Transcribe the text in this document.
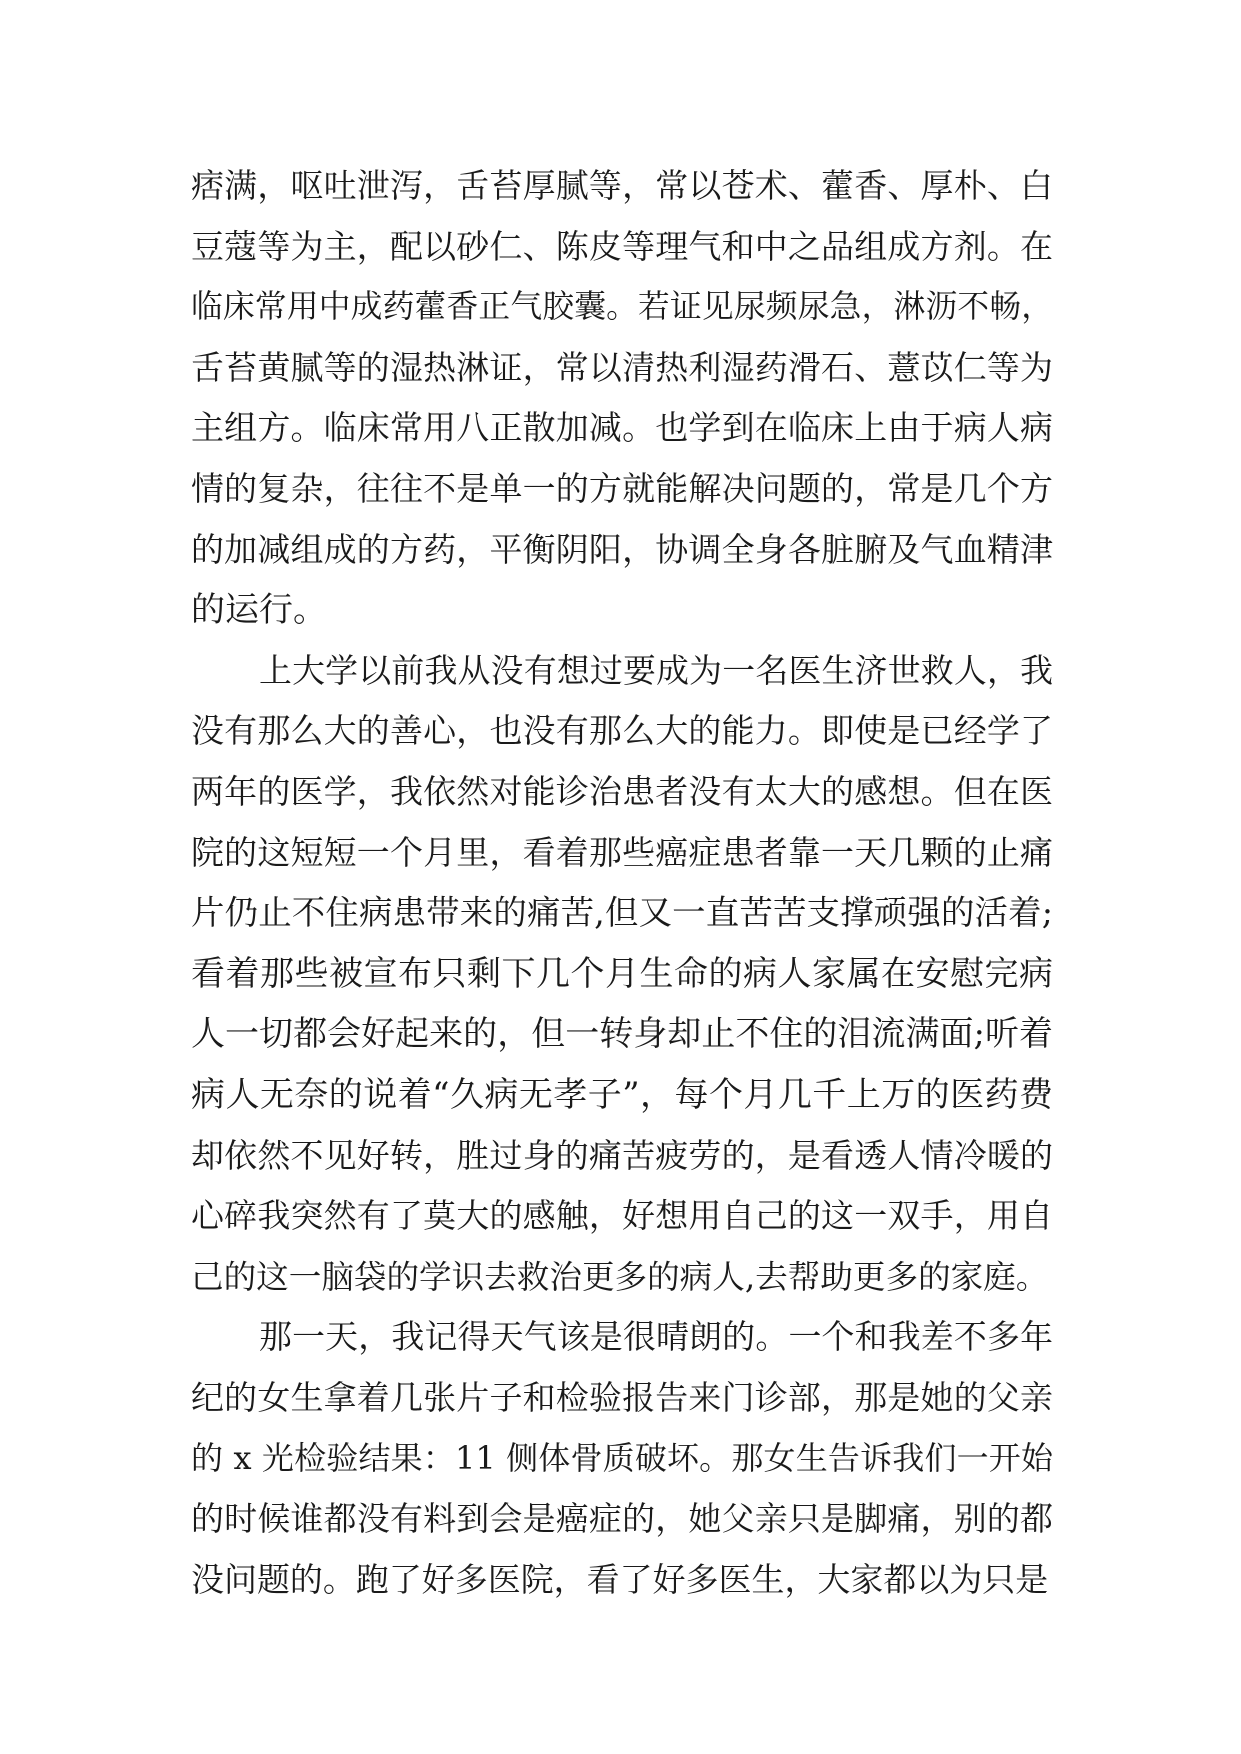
痞满，呕吐泄泻，舌苔厚腻等，常以苍术、藿香、厚朴、白
豆蔻等为主，配以砂仁、陈皮等理气和中之品组成方剂。在
临床常用中成药藿香正气胶囊。若证见尿频尿急，淋沥不畅，
舌苔黄腻等的湿热淋证，常以清热利湿药滑石、薏苡仁等为
主组方。临床常用八正散加减。也学到在临床上由于病人病
情的复杂，往往不是单一的方就能解决问题的，常是几个方
的加减组成的方药，平衡阴阳，协调全身各脏腑及气血精津
的运行。
上大学以前我从没有想过要成为一名医生济世救人，我
没有那么大的善心，也没有那么大的能力。即使是已经学了
两年的医学，我依然对能诊治患者没有太大的感想。但在医
院的这短短一个月里，看着那些癌症患者靠一天几颗的止痛
片仍止不住病患带来的痛苦,但又一直苦苦支撑顽强的活着;
看着那些被宣布只剩下几个月生命的病人家属在安慰完病
人一切都会好起来的，但一转身却止不住的泪流满面;听着
病人无奈的说着“久病无孝子”，每个月几千上万的医药费
却依然不见好转，胜过身的痛苦疲劳的，是看透人情冷暖的
心碎我突然有了莫大的感触，好想用自己的这一双手，用自
己的这一脑袋的学识去救治更多的病人,去帮助更多的家庭。
那一天，我记得天气该是很晴朗的。一个和我差不多年
纪的女生拿着几张片子和检验报告来门诊部，那是她的父亲
的 x 光检验结果：11 侧体骨质破坏。那女生告诉我们一开始
的时候谁都没有料到会是癌症的，她父亲只是脚痛，别的都
没问题的。跑了好多医院，看了好多医生，大家都以为只是
